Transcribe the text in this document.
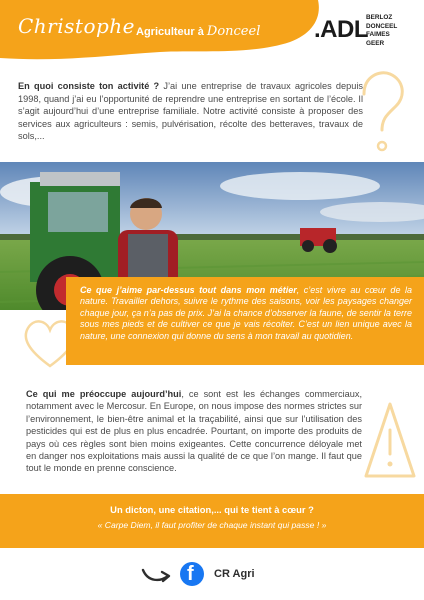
Christophe Agriculteur à Donceel .ADL
BERLOZ
DONCEEL
FAIMES
GEER
En quoi consiste ton activité ? J’ai une entreprise de travaux agricoles depuis 1998, quand j’ai eu l’opportunité de reprendre une entreprise en sortant de l’école. Il s’agit aujourd’hui d’une entreprise familiale. Notre activité consiste à proposer des services aux agriculteurs : semis, pulvérisation, récolte des betteraves, travaux de sols,...
Ce que j’aime par-dessus tout dans mon métier, c’est vivre au cœur de la nature. Travailler dehors, suivre le rythme des saisons, voir les paysages changer chaque jour, ça n’a pas de prix. J’ai la chance d’observer la faune, de sentir la terre sous mes pieds et de cultiver ce que je vais récolter. C’est un lien unique avec la nature, une connexion qui donne du sens à mon travail au quotidien.
Ce qui me préoccupe aujourd’hui, ce sont est les échanges commerciaux, notamment avec le Mercosur. En Europe, on nous impose des normes strictes sur l’environnement, le bien-être animal et la traçabilité, ainsi que sur l’utilisation des pesticides qui est de plus en plus encadrée. Pourtant, on importe des produits de pays où ces règles sont bien moins exigeantes. Cette concurrence déloyale met en danger nos exploitations mais aussi la qualité de ce que l’on mange. Il faut que tout le monde en prenne conscience.
Un dicton, une citation,... qui te tient à cœur ?
« Carpe Diem, il faut profiter de chaque instant qui passe ! »
f CR Agri
